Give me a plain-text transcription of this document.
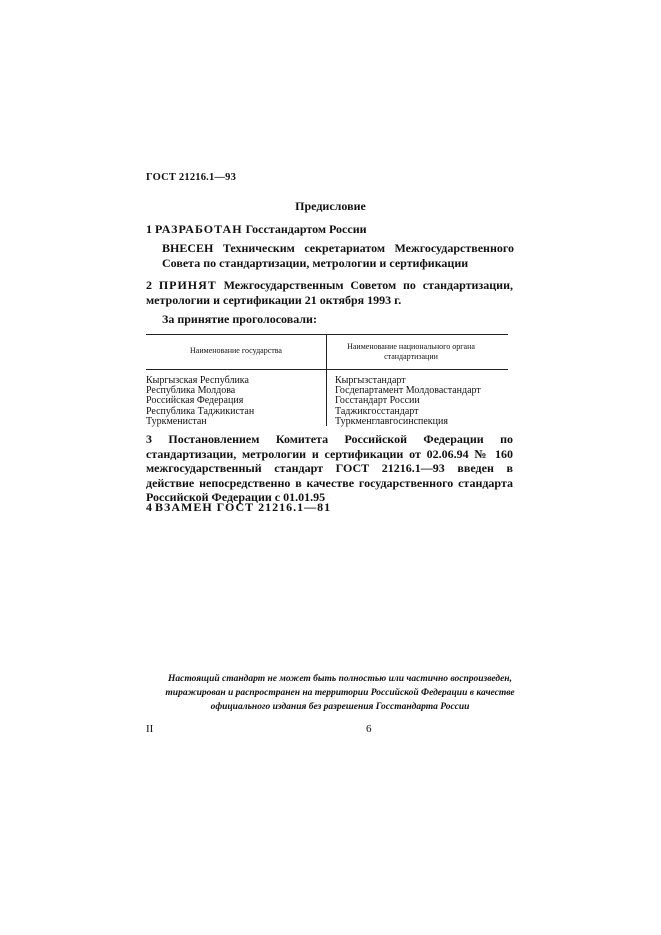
ГОСТ 21216.1—93
Предисловие
1 РАЗРАБОТАН Госстандартом России
ВНЕСЕН Техническим секретариатом Межгосударственного Совета по стандартизации, метрологии и сертификации
2 ПРИНЯТ Межгосударственным Советом по стандартизации, метрологии и сертификации 21 октября 1993 г.
За принятие проголосовали:
Наименование государства	Наименование национального органа стандартизации
Кыргызская Республика
Республика Молдова
Российская Федерация
Республика Таджикистан
Туркменистан
Кыргызстандарт
Госдепартамент Молдовастандарт
Госстандарт России
Таджикгосстандарт
Туркменглавгосинспекция
3 Постановлением Комитета Российской Федерации по стандартизации, метрологии и сертификации от 02.06.94 № 160 межгосударственный стандарт ГОСТ 21216.1—93 введен в действие непосредственно в качестве государственного стандарта Российской Федерации с 01.01.95
4 ВЗАМЕН ГОСТ 21216.1—81
Настоящий стандарт не может быть полностью или частично воспроизведен, тиражирован и распространен на территории Российской Федерации в качестве официального издания без разрешения Госстандарта России
II	6
